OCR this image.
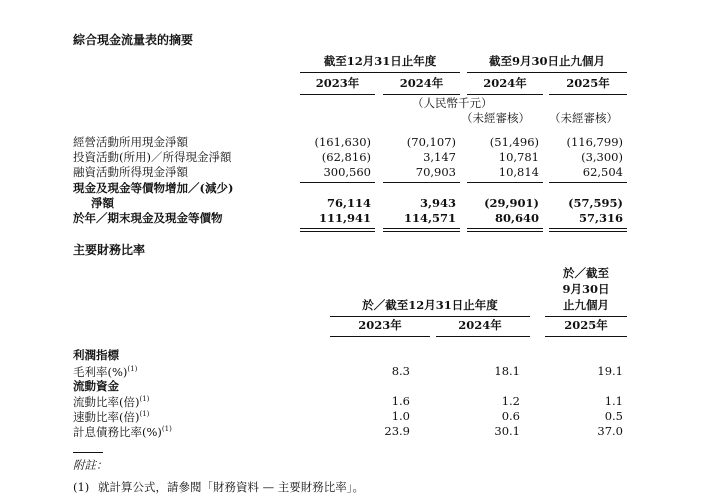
綜合現金流量表的摘要
截至12月31日止年度	截至9月30日止九個月
2023年	2024年	2024年	2025年
（人民幣千元）
（未經審核） （未經審核）
經營活動所用現金淨額	(161,630)	(70,107)	(51,496)	(116,799)
投資活動(所用)／所得現金淨額	(62,816)	3,147	10,781	(3,300)
融資活動所得現金淨額	300,560	70,903	10,814	62,504
現金及現金等價物增加／(減少)
淨額	76,114	3,943	(29,901)	(57,595)
於年／期末現金及現金等價物	111,941	114,571	80,640	57,316
主要財務比率
於／截至
9月30日
止九個月
於／截至12月31日止年度
2023年	2024年	2025年
利潤指標
毛利率(%)$^{(1)}$	8.3	18.1	19.1
流動資金
流動比率(倍)$^{(1)}$	1.6	1.2	1.1
速動比率(倍)$^{(1)}$	1.0	0.6	0.5
計息債務比率(%)$^{(1)}$	23.9	30.1	37.0
附註：
(1) 就計算公式，請參閱「財務資料 — 主要財務比率」。
